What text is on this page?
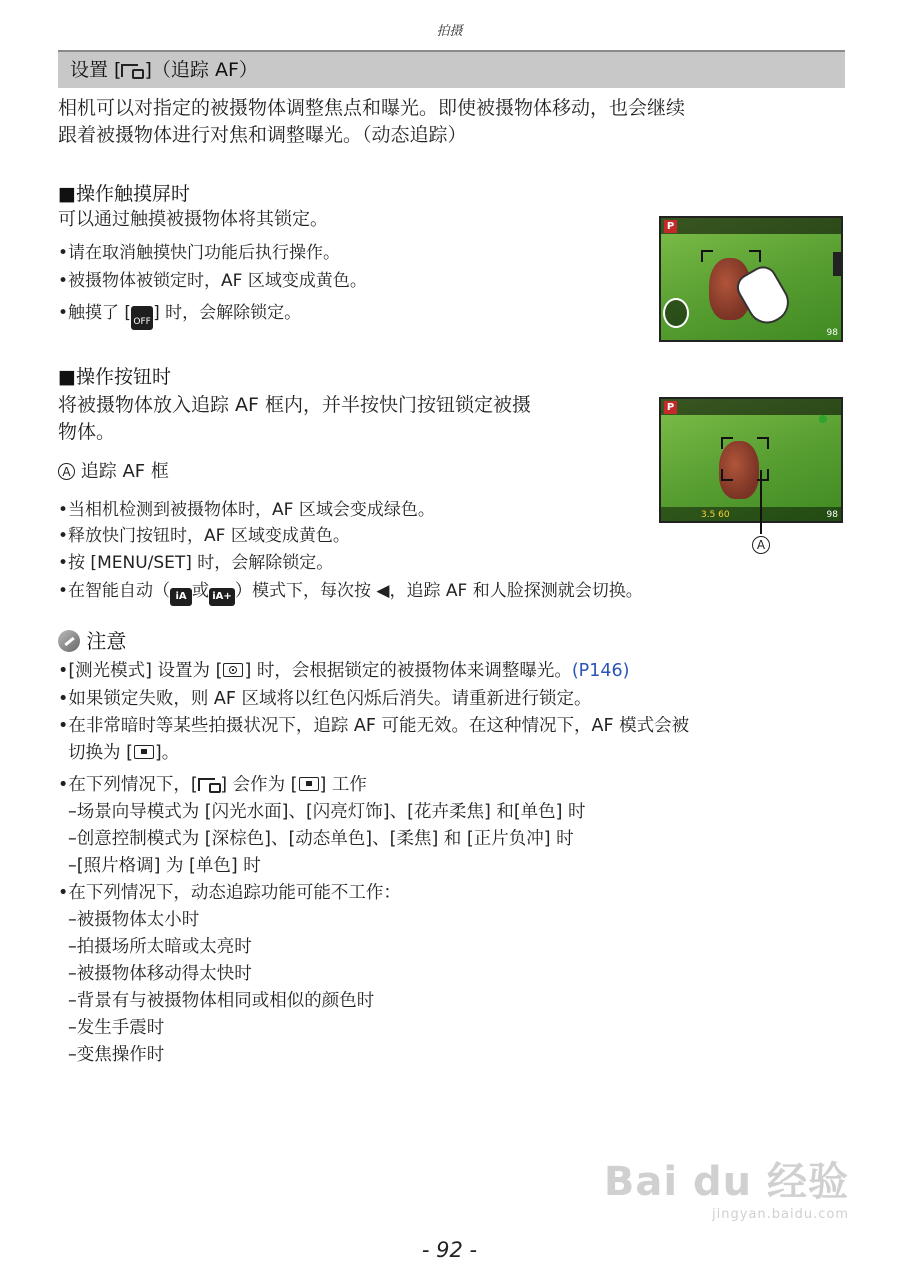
拍摄
设置 [ ]（追踪 AF）
相机可以对指定的被摄物体调整焦点和曝光。即使被摄物体移动，也会继续
跟着被摄物体进行对焦和调整曝光。（动态追踪）
■操作触摸屏时
可以通过触摸被摄物体将其锁定。
•请在取消触摸快门功能后执行操作。
•被摄物体被锁定时，AF 区域变成黄色。
•触摸了 [ OFF ] 时，会解除锁定。
P
98
■操作按钮时
将被摄物体放入追踪 AF 框内，并半按快门按钮锁定被摄
物体。
A 追踪 AF 框
•当相机检测到被摄物体时，AF 区域会变成绿色。
•释放快门按钮时，AF 区域变成黄色。
•按 [MENU/SET] 时，会解除锁定。
•在智能自动（ iA 或 iA+ ）模式下，每次按 ◀，追踪 AF 和人脸探测就会切换。
P
3.5 60	98
A
注意
•[测光模式] 设置为 [ ] 时，会根据锁定的被摄物体来调整曝光。(P146)
•如果锁定失败，则 AF 区域将以红色闪烁后消失。请重新进行锁定。
•在非常暗时等某些拍摄状况下，追踪 AF 可能无效。在这种情况下，AF 模式会被
切换为 [ ]。
•在下列情况下，[ ] 会作为 [ ] 工作
–场景向导模式为 [闪光水面]、[闪亮灯饰]、[花卉柔焦] 和[单色] 时
–创意控制模式为 [深棕色]、[动态单色]、[柔焦] 和 [正片负冲] 时
–[照片格调] 为 [单色] 时
•在下列情况下，动态追踪功能可能不工作：
–被摄物体太小时
–拍摄场所太暗或太亮时
–被摄物体移动得太快时
–背景有与被摄物体相同或相似的颜色时
–发生手震时
–变焦操作时
Bai du 经验
jingyan.baidu.com
- 92 -
